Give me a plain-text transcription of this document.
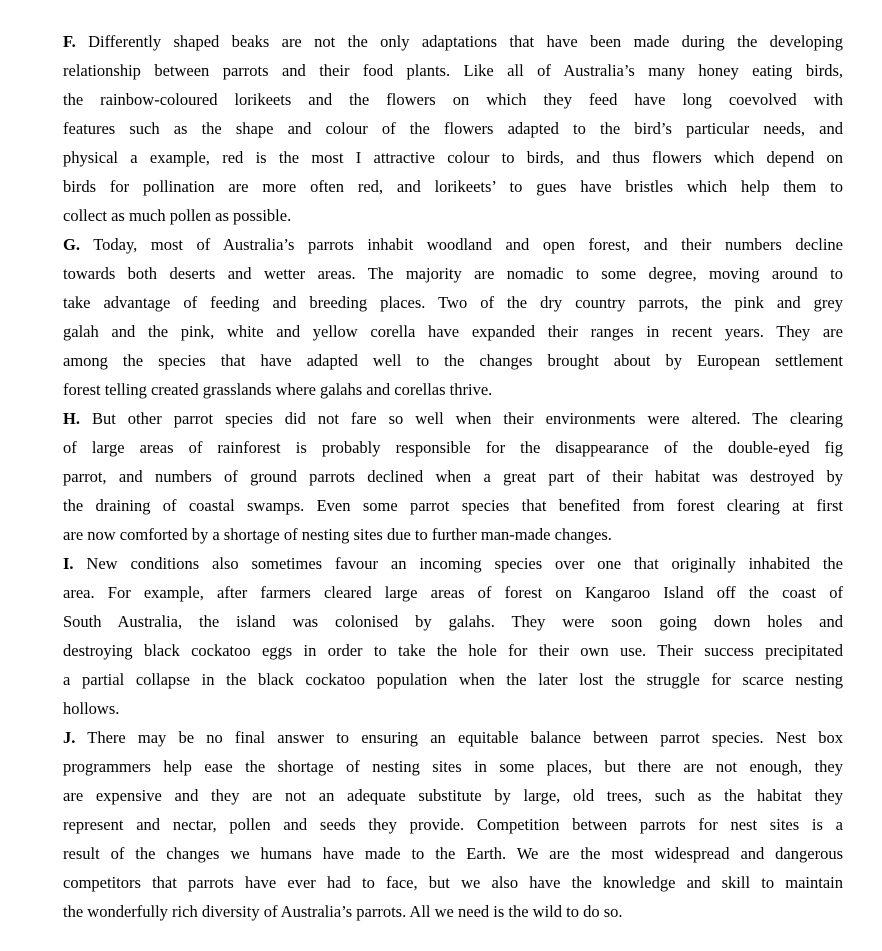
F. Differently shaped beaks are not the only adaptations that have been made during the developing
relationship between parrots and their food plants. Like all of Australia’s many honey eating birds,
the rainbow-coloured lorikeets and the flowers on which they feed have long coevolved with
features such as the shape and colour of the flowers adapted to the bird’s particular needs, and
physical a example, red is the most I attractive colour to birds, and thus flowers which depend on
birds for pollination are more often red, and lorikeets’ to gues have bristles which help them to
collect as much pollen as possible.
G. Today, most of Australia’s parrots inhabit woodland and open forest, and their numbers decline
towards both deserts and wetter areas. The majority are nomadic to some degree, moving around to
take advantage of feeding and breeding places. Two of the dry country parrots, the pink and grey
galah and the pink, white and yellow corella have expanded their ranges in recent years. They are
among the species that have adapted well to the changes brought about by European settlement
forest telling created grasslands where galahs and corellas thrive.
H. But other parrot species did not fare so well when their environments were altered. The clearing
of large areas of rainforest is probably responsible for the disappearance of the double-eyed fig
parrot, and numbers of ground parrots declined when a great part of their habitat was destroyed by
the draining of coastal swamps. Even some parrot species that benefited from forest clearing at first
are now comforted by a shortage of nesting sites due to further man-made changes.
I. New conditions also sometimes favour an incoming species over one that originally inhabited the
area. For example, after farmers cleared large areas of forest on Kangaroo Island off the coast of
South Australia, the island was colonised by galahs. They were soon going down holes and
destroying black cockatoo eggs in order to take the hole for their own use. Their success precipitated
a partial collapse in the black cockatoo population when the later lost the struggle for scarce nesting
hollows.
J. There may be no final answer to ensuring an equitable balance between parrot species. Nest box
programmers help ease the shortage of nesting sites in some places, but there are not enough, they
are expensive and they are not an adequate substitute by large, old trees, such as the habitat they
represent and nectar, pollen and seeds they provide. Competition between parrots for nest sites is a
result of the changes we humans have made to the Earth. We are the most widespread and dangerous
competitors that parrots have ever had to face, but we also have the knowledge and skill to maintain
the wonderfully rich diversity of Australia’s parrots. All we need is the wild to do so.
